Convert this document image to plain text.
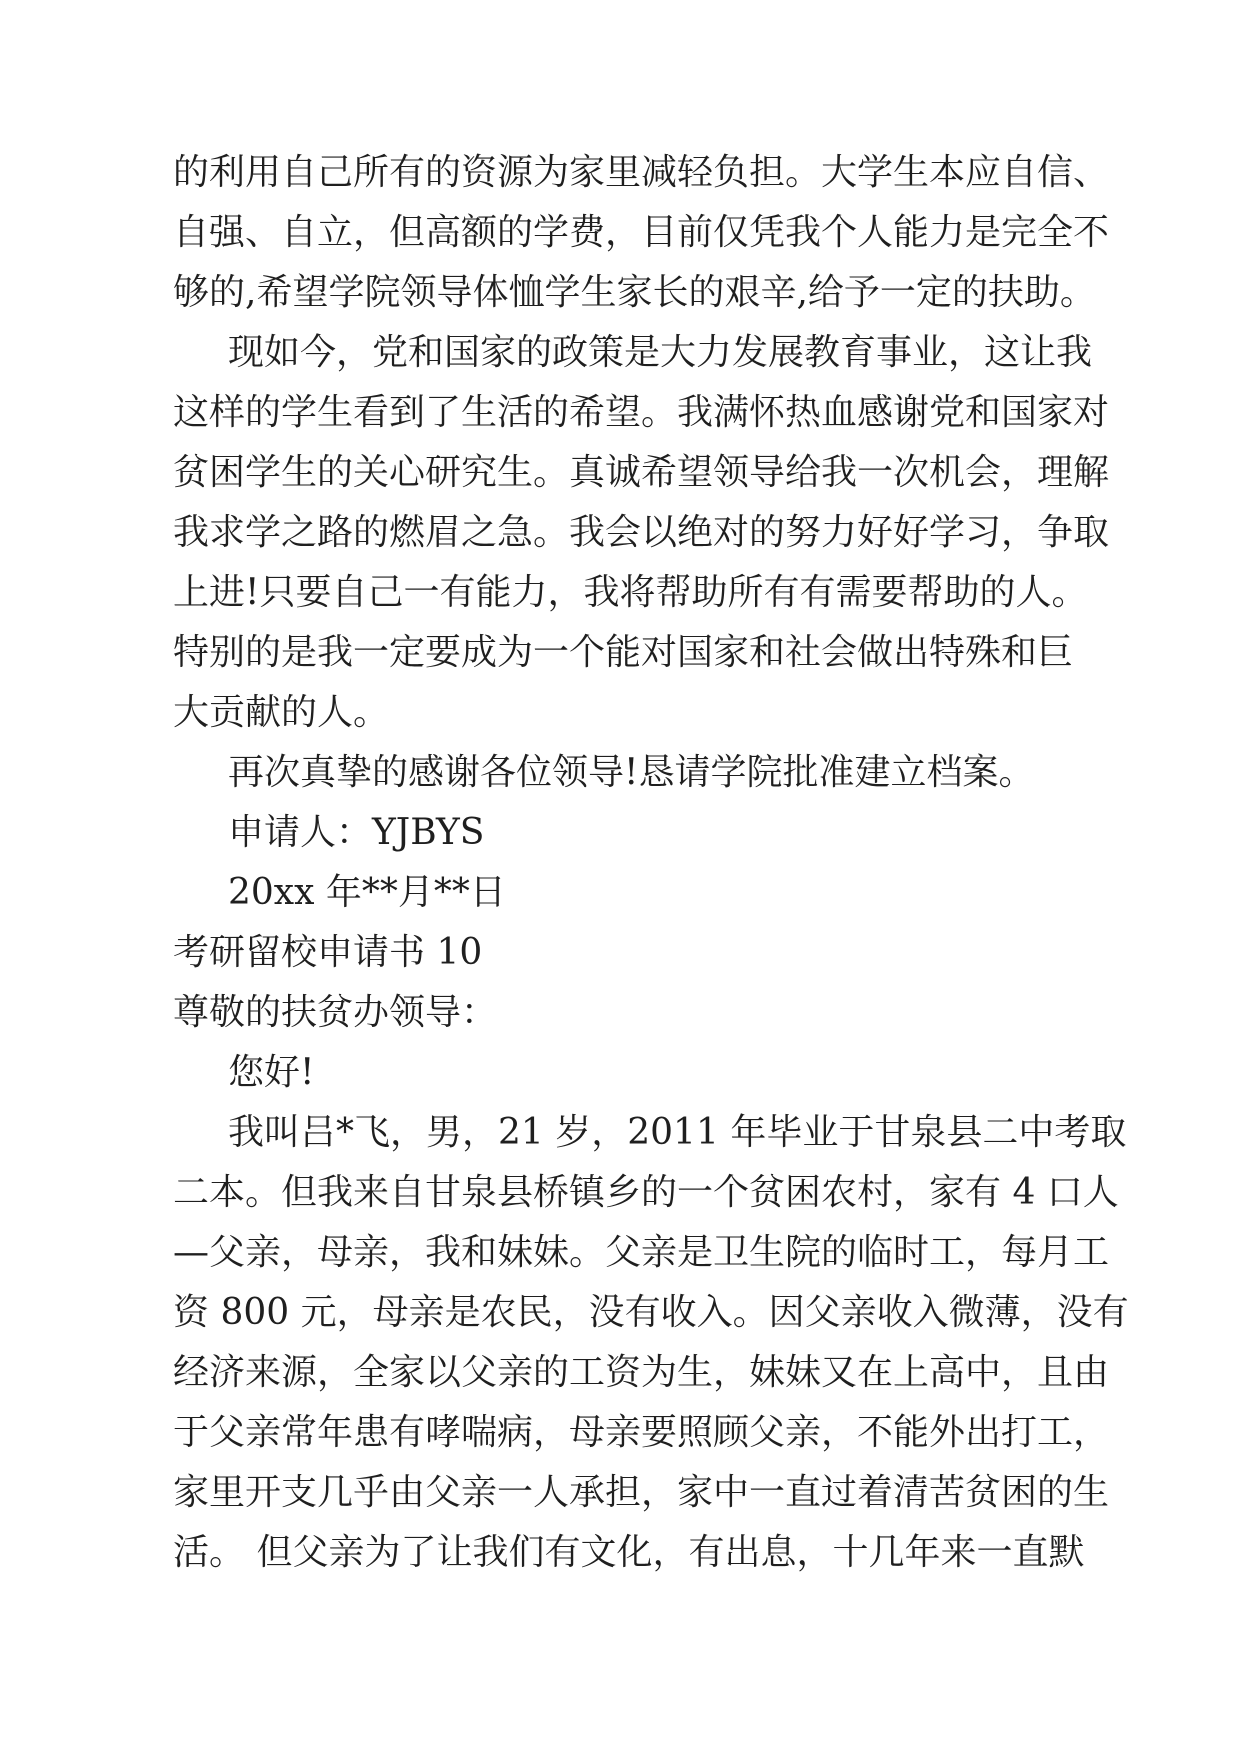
的利用自己所有的资源为家里减轻负担。大学生本应自信、
自强、自立，但高额的学费，目前仅凭我个人能力是完全不
够的,希望学院领导体恤学生家长的艰辛,给予一定的扶助。
现如今，党和国家的政策是大力发展教育事业，这让我
这样的学生看到了生活的希望。我满怀热血感谢党和国家对
贫困学生的关心研究生。真诚希望领导给我一次机会，理解
我求学之路的燃眉之急。我会以绝对的努力好好学习，争取
上进!只要自己一有能力，我将帮助所有有需要帮助的人。
特别的是我一定要成为一个能对国家和社会做出特殊和巨
大贡献的人。
再次真挚的感谢各位领导!恳请学院批准建立档案。
申请人：YJBYS
20xx 年**月**日
考研留校申请书 10
尊敬的扶贫办领导：
您好!
我叫吕*飞，男，21 岁，2011 年毕业于甘泉县二中考取
二本。但我来自甘泉县桥镇乡的一个贫困农村，家有 4 口人
—父亲，母亲，我和妹妹。父亲是卫生院的临时工，每月工
资 800 元，母亲是农民，没有收入。因父亲收入微薄，没有
经济来源，全家以父亲的工资为生，妹妹又在上高中，且由
于父亲常年患有哮喘病，母亲要照顾父亲，不能外出打工，
家里开支几乎由父亲一人承担，家中一直过着清苦贫困的生
活。 但父亲为了让我们有文化，有出息，十几年来一直默
